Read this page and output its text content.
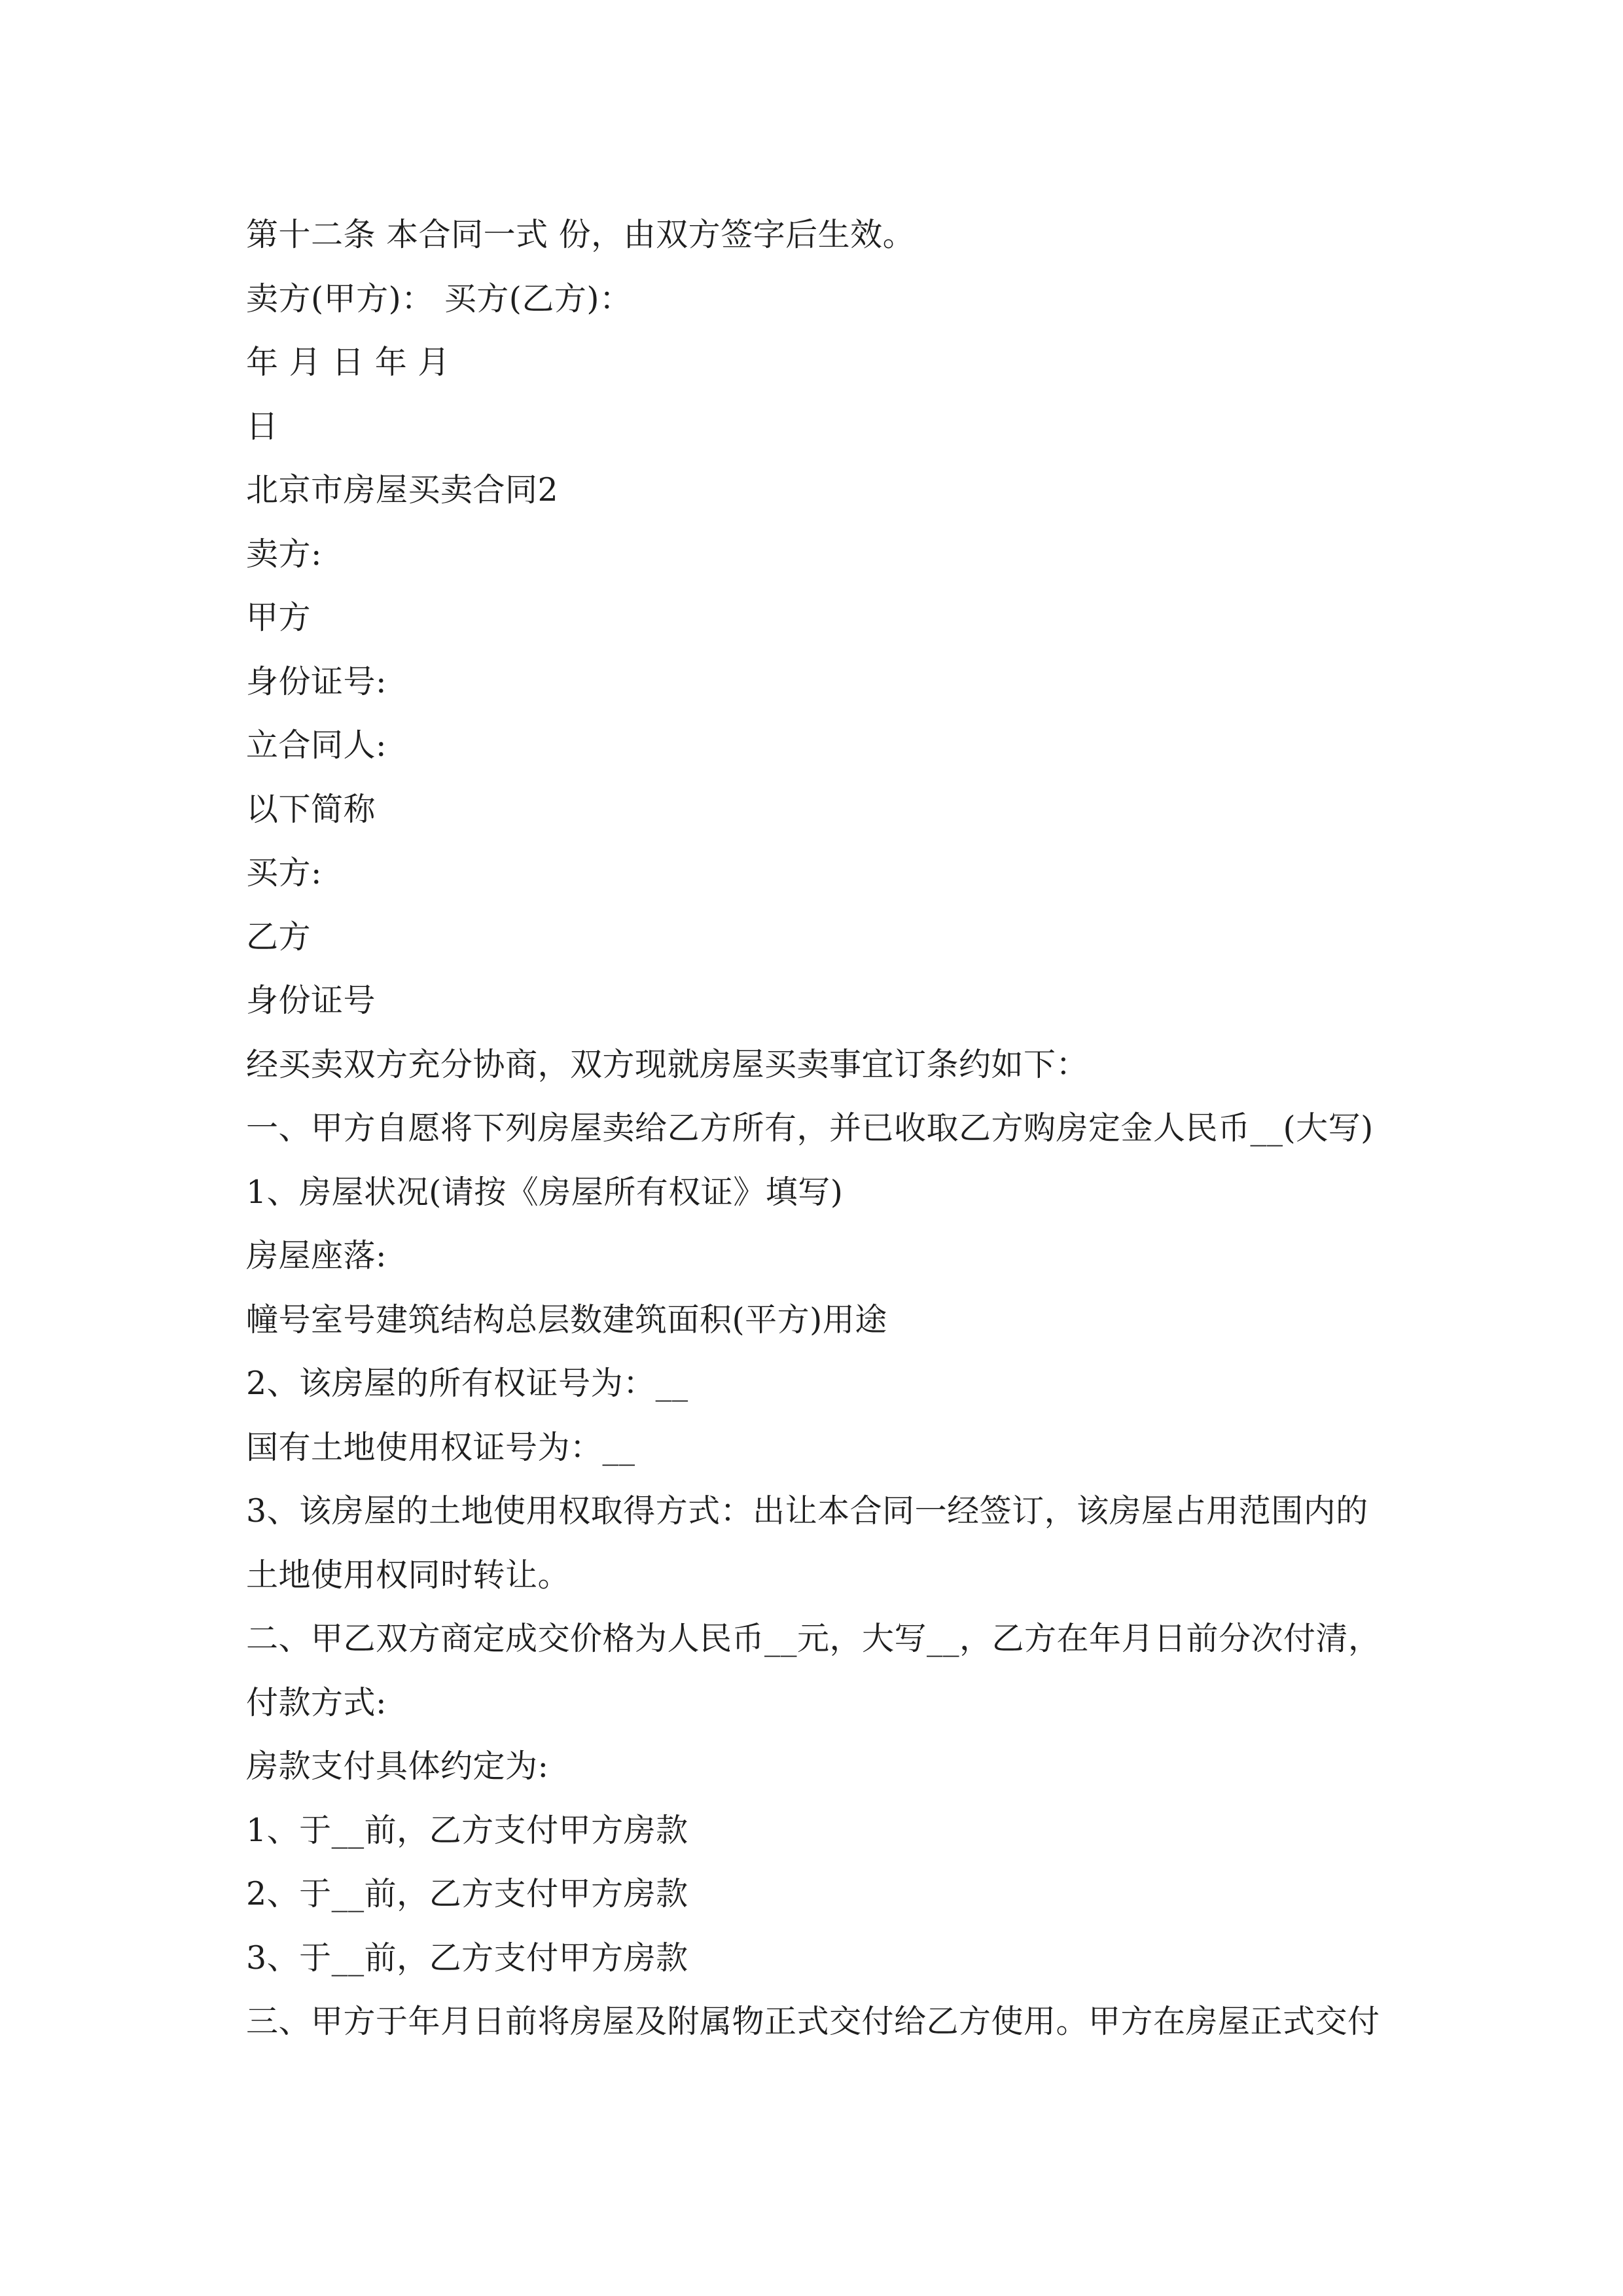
第十二条 本合同一式 份，由双方签字后生效。
卖方(甲方)： 买方(乙方)：
年 月 日 年 月
日
北京市房屋买卖合同2
卖方:
甲方
身份证号:
立合同人:
以下简称
买方:
乙方
身份证号
经买卖双方充分协商，双方现就房屋买卖事宜订条约如下：
一、甲方自愿将下列房屋卖给乙方所有，并已收取乙方购房定金人民币__(大写)
1、房屋状况(请按《房屋所有权证》填写)
房屋座落:
幢号室号建筑结构总层数建筑面积(平方)用途
2、该房屋的所有权证号为：__
国有土地使用权证号为：__
3、该房屋的土地使用权取得方式：出让本合同一经签订，该房屋占用范围内的
土地使用权同时转让。
二、甲乙双方商定成交价格为人民币__元，大写__，乙方在年月日前分次付清，
付款方式:
房款支付具体约定为:
1、于__前，乙方支付甲方房款
2、于__前，乙方支付甲方房款
3、于__前，乙方支付甲方房款
三、甲方于年月日前将房屋及附属物正式交付给乙方使用。甲方在房屋正式交付
